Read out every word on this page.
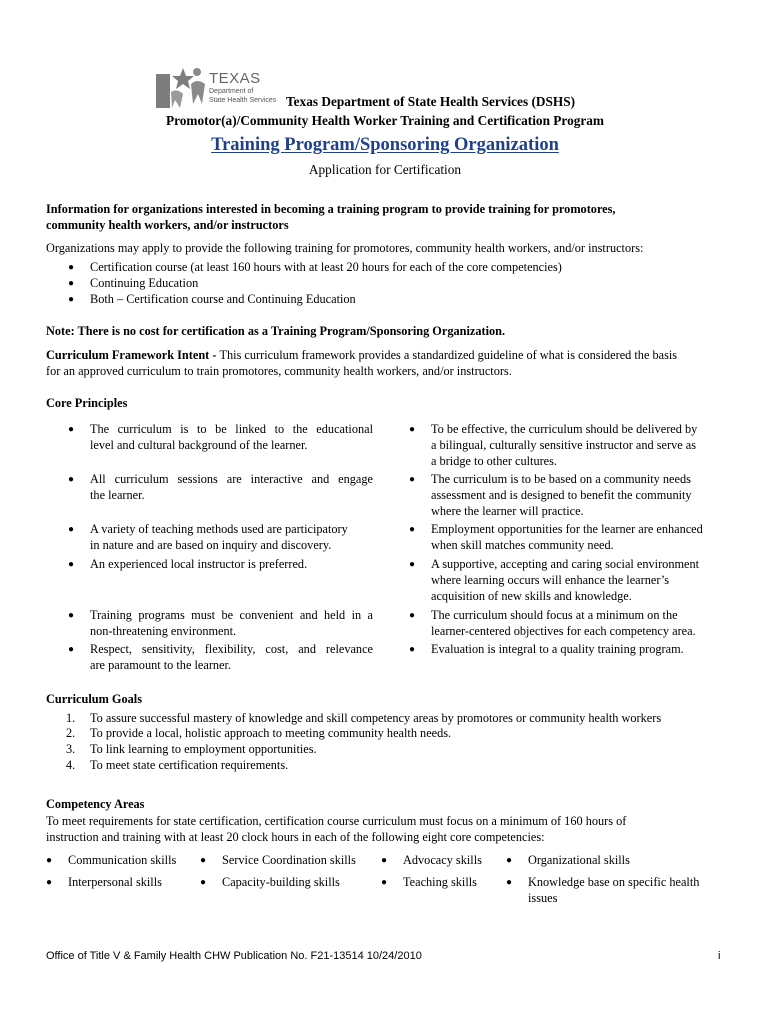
TEXAS
Department of
State Health Services Texas Department of State Health Services (DSHS)
Promotor(a)/Community Health Worker Training and Certification Program
Training Program/Sponsoring Organization
Application for Certification
Information for organizations interested in becoming a training program to provide training for promotores,
community health workers, and/or instructors
Organizations may apply to provide the following training for promotores, community health workers, and/or instructors:
● Certification course (at least 160 hours with at least 20 hours for each of the core competencies)
● Continuing Education
● Both – Certification course and Continuing Education
Note: There is no cost for certification as a Training Program/Sponsoring Organization.
Curriculum Framework Intent - This curriculum framework provides a standardized guideline of what is considered the basis
for an approved curriculum to train promotores, community health workers, and/or instructors.
Core Principles
● The curriculum is to be linked to the educational
level and cultural background of the learner.
● All curriculum sessions are interactive and engage
the learner.
● A variety of teaching methods used are participatory
in nature and are based on inquiry and discovery.
● An experienced local instructor is preferred.
● Training programs must be convenient and held in a
non-threatening environment.
● Respect, sensitivity, flexibility, cost, and relevance
are paramount to the learner.
● To be effective, the curriculum should be delivered by
a bilingual, culturally sensitive instructor and serve as
a bridge to other cultures.
● The curriculum is to be based on a community needs
assessment and is designed to benefit the community
where the learner will practice.
● Employment opportunities for the learner are enhanced
when skill matches community need.
● A supportive, accepting and caring social environment
where learning occurs will enhance the learner’s
acquisition of new skills and knowledge.
● The curriculum should focus at a minimum on the
learner-centered objectives for each competency area.
● Evaluation is integral to a quality training program.
Curriculum Goals
1. To assure successful mastery of knowledge and skill competency areas by promotores or community health workers
2. To provide a local, holistic approach to meeting community health needs.
3. To link learning to employment opportunities.
4. To meet state certification requirements.
Competency Areas
To meet requirements for state certification, certification course curriculum must focus on a minimum of 160 hours of
instruction and training with at least 20 clock hours in each of the following eight core competencies:
● Communication skills ● Service Coordination skills	● Advocacy skills ● Organizational skills
● Interpersonal skills	● Capacity-building skills	● Teaching skills	● Knowledge base on specific health
issues
Office of Title V & Family Health CHW Publication No. F21-13514 10/24/2010	i
